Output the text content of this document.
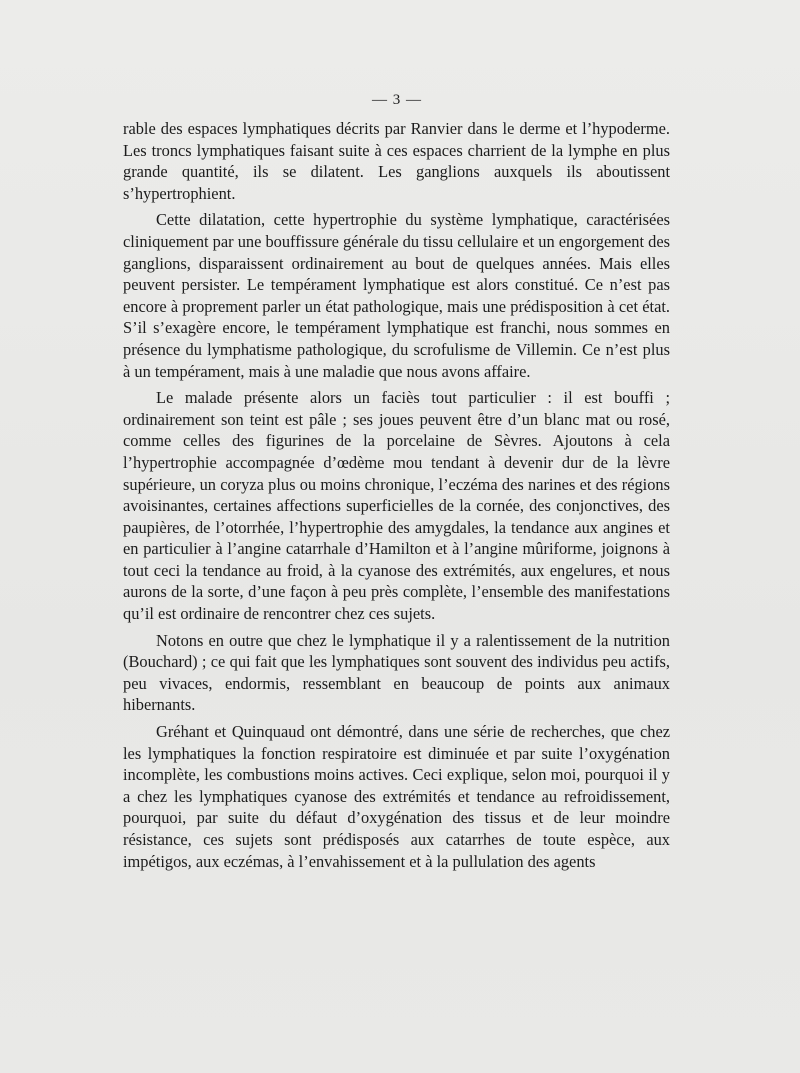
— 3 —

rable des espaces lymphatiques décrits par Ranvier dans le derme et l’hypoderme. Les troncs lymphatiques faisant suite à ces espaces charrient de la lymphe en plus grande quantité, ils se dilatent. Les ganglions auxquels ils aboutissent s’hypertrophient.

Cette dilatation, cette hypertrophie du système lymphatique, caractérisées cliniquement par une bouffissure générale du tissu cellulaire et un engorgement des ganglions, disparaissent ordinairement au bout de quelques années. Mais elles peuvent persister. Le tempérament lymphatique est alors constitué. Ce n’est pas encore à proprement parler un état pathologique, mais une prédisposition à cet état. S’il s’exagère encore, le tempérament lymphatique est franchi, nous sommes en présence du lymphatisme pathologique, du scrofulisme de Villemin. Ce n’est plus à un tempérament, mais à une maladie que nous avons affaire.

Le malade présente alors un faciès tout particulier : il est bouffi ; ordinairement son teint est pâle ; ses joues peuvent être d’un blanc mat ou rosé, comme celles des figurines de la porcelaine de Sèvres. Ajoutons à cela l’hypertrophie accompagnée d’œdème mou tendant à devenir dur de la lèvre supérieure, un coryza plus ou moins chronique, l’eczéma des narines et des régions avoisinantes, certaines affections superficielles de la cornée, des conjonctives, des paupières, de l’otorrhée, l’hypertrophie des amygdales, la tendance aux angines et en particulier à l’angine catarrhale d’Hamilton et à l’angine mûriforme, joignons à tout ceci la tendance au froid, à la cyanose des extrémités, aux engelures, et nous aurons de la sorte, d’une façon à peu près complète, l’ensemble des manifestations qu’il est ordinaire de rencontrer chez ces sujets.

Notons en outre que chez le lymphatique il y a ralentissement de la nutrition (Bouchard) ; ce qui fait que les lymphatiques sont souvent des individus peu actifs, peu vivaces, endormis, ressemblant en beaucoup de points aux animaux hibernants.

Gréhant et Quinquaud ont démontré, dans une série de recherches, que chez les lymphatiques la fonction respiratoire est diminuée et par suite l’oxygénation incomplète, les combustions moins actives. Ceci explique, selon moi, pourquoi il y a chez les lymphatiques cyanose des extrémités et tendance au refroidissement, pourquoi, par suite du défaut d’oxygénation des tissus et de leur moindre résistance, ces sujets sont prédisposés aux catarrhes de toute espèce, aux impétigos, aux eczémas, à l’envahissement et à la pullulation des agents
